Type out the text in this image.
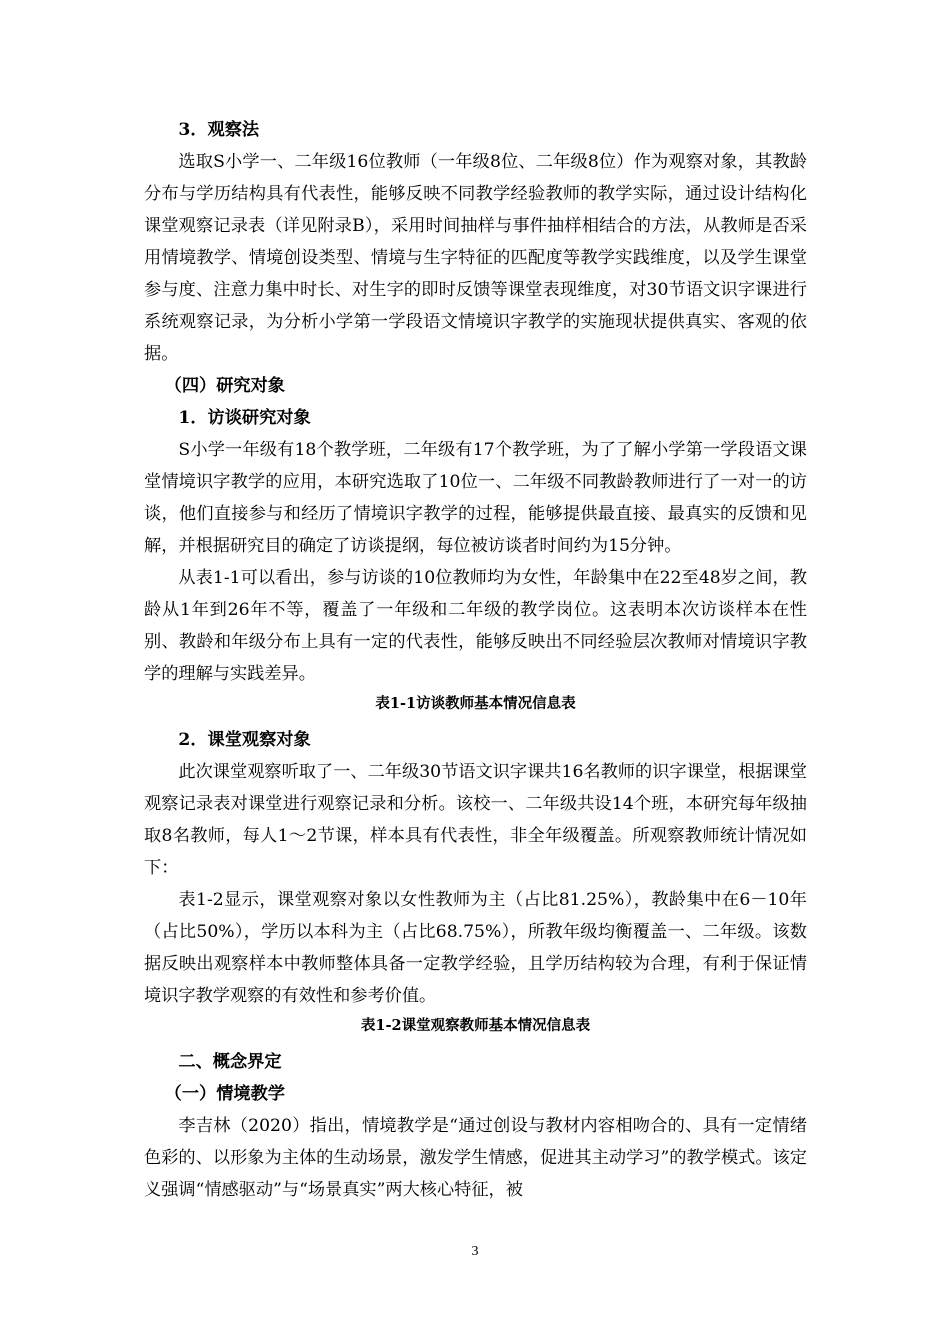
3．观察法

选取S小学一、二年级16位教师（一年级8位、二年级8位）作为观察对象，其教龄分布与学历结构具有代表性，能够反映不同教学经验教师的教学实际，通过设计结构化课堂观察记录表（详见附录B），采用时间抽样与事件抽样相结合的方法，从教师是否采用情境教学、情境创设类型、情境与生字特征的匹配度等教学实践维度，以及学生课堂参与度、注意力集中时长、对生字的即时反馈等课堂表现维度，对30节语文识字课进行系统观察记录，为分析小学第一学段语文情境识字教学的实施现状提供真实、客观的依据。

（四）研究对象

1．访谈研究对象

S小学一年级有18个教学班，二年级有17个教学班，为了了解小学第一学段语文课堂情境识字教学的应用，本研究选取了10位一、二年级不同教龄教师进行了一对一的访谈，他们直接参与和经历了情境识字教学的过程，能够提供最直接、最真实的反馈和见解，并根据研究目的确定了访谈提纲，每位被访谈者时间约为15分钟。

从表1-1可以看出，参与访谈的10位教师均为女性，年龄集中在22至48岁之间，教龄从1年到26年不等，覆盖了一年级和二年级的教学岗位。这表明本次访谈样本在性别、教龄和年级分布上具有一定的代表性，能够反映出不同经验层次教师对情境识字教学的理解与实践差异。

表1-1访谈教师基本情况信息表

2．课堂观察对象

此次课堂观察听取了一、二年级30节语文识字课共16名教师的识字课堂，根据课堂观察记录表对课堂进行观察记录和分析。该校一、二年级共设14个班，本研究每年级抽取8名教师，每人1～2节课，样本具有代表性，非全年级覆盖。所观察教师统计情况如下：

表1-2显示，课堂观察对象以女性教师为主（占比81.25%），教龄集中在6－10年（占比50%），学历以本科为主（占比68.75%），所教年级均衡覆盖一、二年级。该数据反映出观察样本中教师整体具备一定教学经验，且学历结构较为合理，有利于保证情境识字教学观察的有效性和参考价值。

表1-2课堂观察教师基本情况信息表

二、概念界定

（一）情境教学

李吉林（2020）指出，情境教学是“通过创设与教材内容相吻合的、具有一定情绪色彩的、以形象为主体的生动场景，激发学生情感，促进其主动学习”的教学模式。该定义强调“情感驱动”与“场景真实”两大核心特征，被

3
